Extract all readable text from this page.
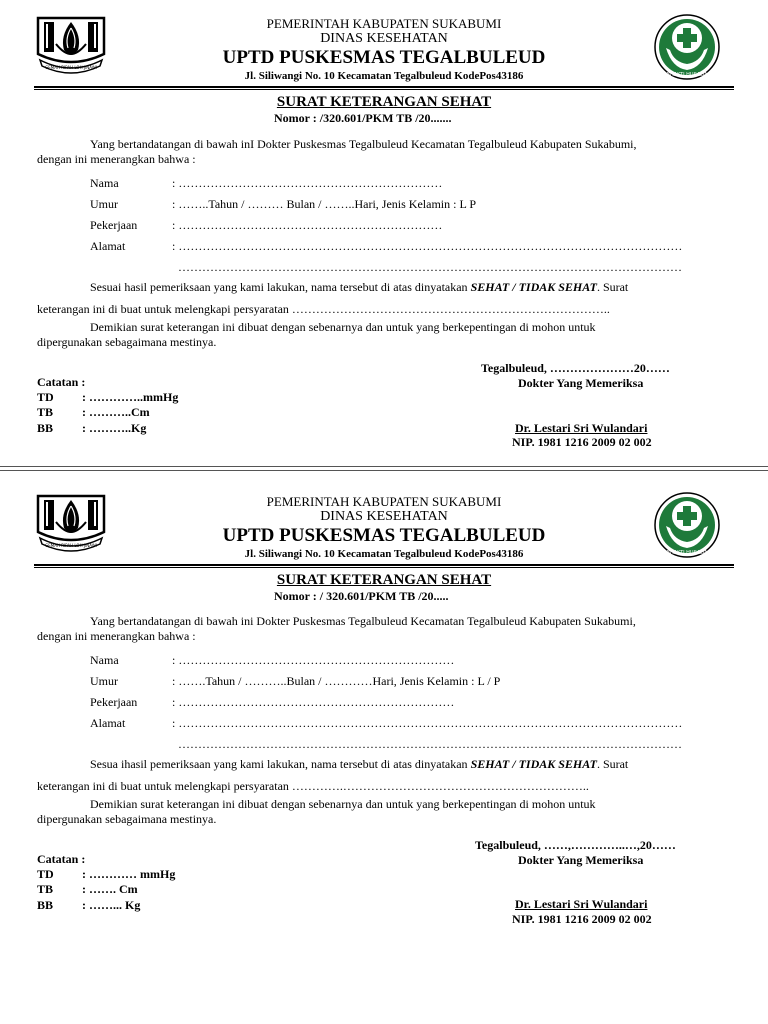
GEMAH RIPAH LOH JINAWI
PEMERINTAH KABUPATEN SUKABUMI
DINAS KESEHATAN
UPTD PUSKESMAS TEGALBULEUD
Jl. Siliwangi No. 10 Kecamatan Tegalbuleud KodePos43186	BHAKTI HUSADA
SURAT KETERANGAN SEHAT
Nomor : /320.601/PKM TB /20.......
Yang bertandatangan di bawah inI Dokter Puskesmas Tegalbuleud Kecamatan Tegalbuleud Kabupaten Sukabumi,
dengan ini menerangkan bahwa :
Nama	: …………………………………………………………
Umur	: ……..Tahun / ……… Bulan / ……..Hari, Jenis Kelamin : L P
Pekerjaan	: …………………………………………………………
Alamat	: ………………………………………………………………………………………………………………
………………………………………………………………………………………………………………
Sesuai hasil pemeriksaan yang kami lakukan, nama tersebut di atas dinyatakan SEHAT / TIDAK SEHAT. Surat
keterangan ini di buat untuk melengkapi persyaratan ……………………………………………………………………..
Demikian surat keterangan ini dibuat dengan sebenarnya dan untuk yang berkepentingan di mohon untuk
dipergunakan sebagaimana mestinya.
Tegalbuleud, …………………20……
Dokter Yang Memeriksa
Dr. Lestari Sri Wulandari
NIP. 1981 1216 2009 02 002
Catatan :
TD : …………..mmHg
TB : ………..Cm
BB : ………..Kg
GEMAH RIPAH LOH JINAWI
PEMERINTAH KABUPATEN SUKABUMI
DINAS KESEHATAN
UPTD PUSKESMAS TEGALBULEUD
Jl. Siliwangi No. 10 Kecamatan Tegalbuleud KodePos43186	BHAKTI HUSADA
SURAT KETERANGAN SEHAT
Nomor : / 320.601/PKM TB /20.....
Yang bertandatangan di bawah ini Dokter Puskesmas Tegalbuleud Kecamatan Tegalbuleud Kabupaten Sukabumi,
dengan ini menerangkan bahwa :
Nama	: ……………………………………………………………
Umur	: …….Tahun / ………..Bulan / …………Hari, Jenis Kelamin : L / P
Pekerjaan	: ……………………………………………………………
Alamat	: ………………………………………………………………………………………………………………
………………………………………………………………………………………………………………
Sesua ihasil pemeriksaan yang kami lakukan, nama tersebut di atas dinyatakan SEHAT / TIDAK SEHAT. Surat
keterangan ini di buat untuk melengkapi persyaratan ………….……………………………………………………..
Demikian surat keterangan ini dibuat dengan sebenarnya dan untuk yang berkepentingan di mohon untuk
dipergunakan sebagaimana mestinya.
Tegalbuleud, ……,…………..…,20……
Dokter Yang Memeriksa
Dr. Lestari Sri Wulandari
NIP. 1981 1216 2009 02 002
Catatan :
TD : ………… mmHg
TB : ……. Cm
BB : ……... Kg
